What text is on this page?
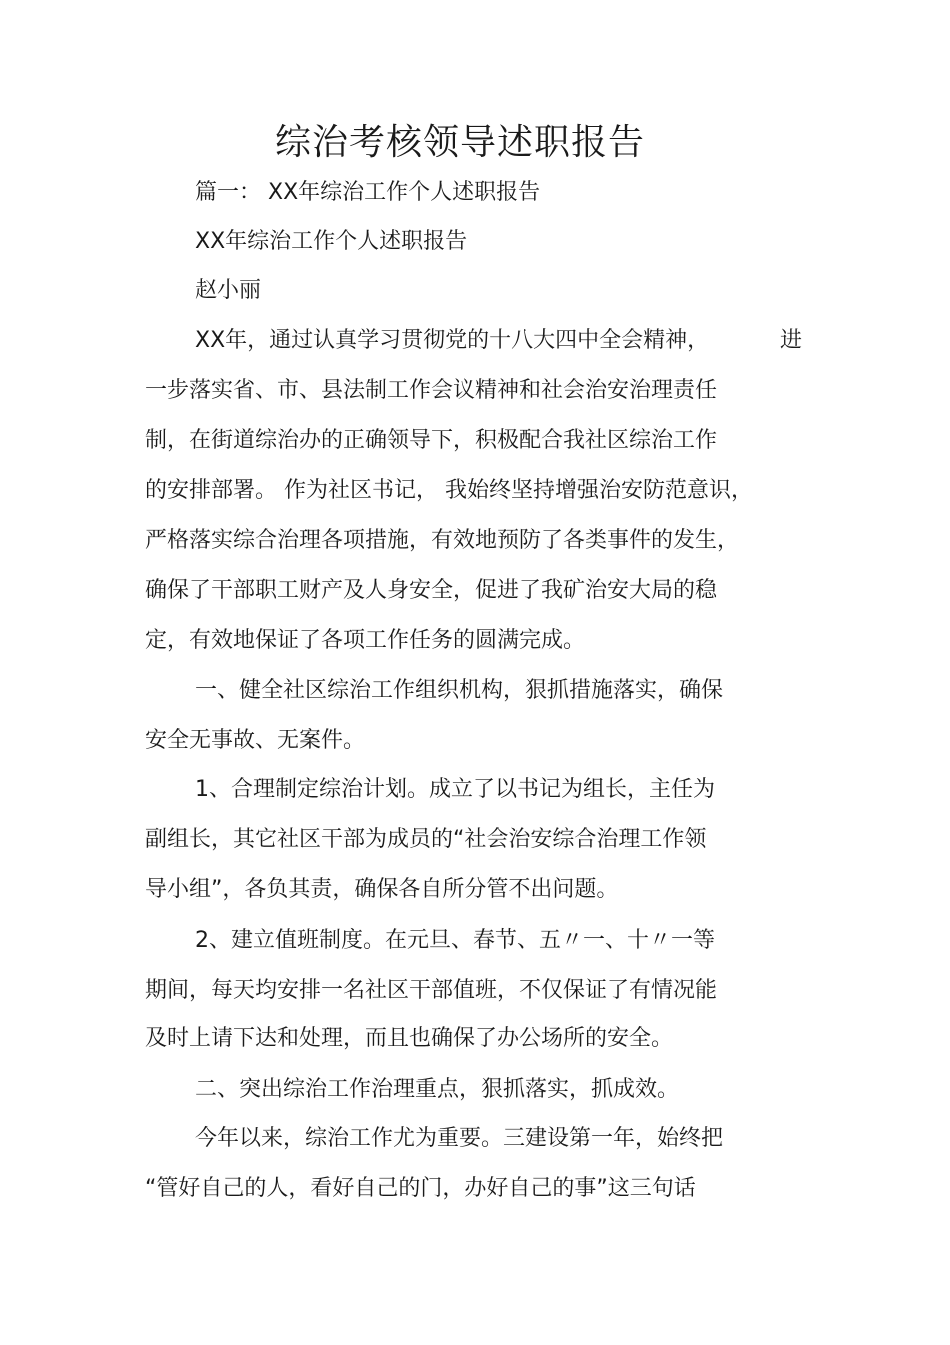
综治考核领导述职报告
篇一： XX年综治工作个人述职报告
XX年综治工作个人述职报告
赵小丽
XX年，通过认真学习贯彻党的十八大四中全会精神，	进
一步落实省、市、县法制工作会议精神和社会治安治理责任
制，在街道综治办的正确领导下，积极配合我社区综治工作
的安排部署。 作为社区书记， 我始终坚持增强治安防范意识，
严格落实综合治理各项措施，有效地预防了各类事件的发生，
确保了干部职工财产及人身安全，促进了我矿治安大局的稳
定，有效地保证了各项工作任务的圆满完成。
一、健全社区综治工作组织机构，狠抓措施落实，确保
安全无事故、无案件。
1、合理制定综治计划。成立了以书记为组长，主任为
副组长，其它社区干部为成员的“社会治安综合治理工作领
导小组”，各负其责，确保各自所分管不出问题。
2、建立值班制度。在元旦、春节、五〃一、十〃一等
期间，每天均安排一名社区干部值班，不仅保证了有情况能
及时上请下达和处理，而且也确保了办公场所的安全。
二、突出综治工作治理重点，狠抓落实，抓成效。
今年以来，综治工作尤为重要。三建设第一年，始终把
“管好自己的人，看好自己的门，办好自己的事”这三句话
